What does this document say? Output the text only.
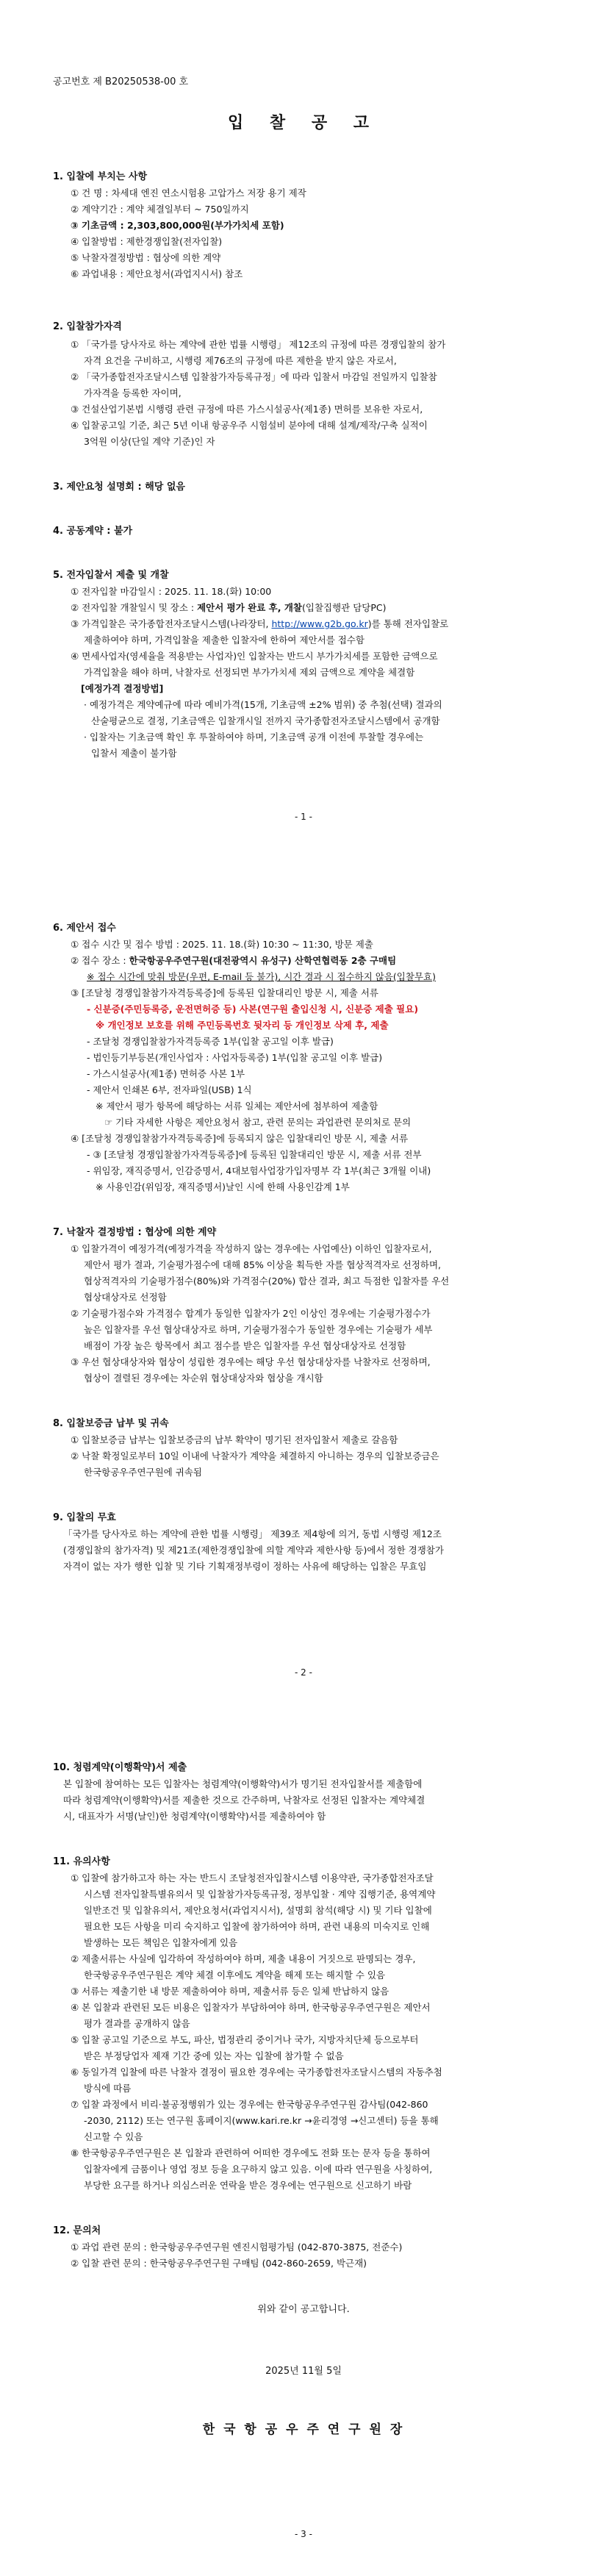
공고번호 제 B20250538-00 호
입 찰 공 고
1. 입찰에 부치는 사항
① 건 명 : 차세대 엔진 연소시험용 고압가스 저장 용기 제작
② 계약기간 : 계약 체결일부터 ~ 750일까지
③ 기초금액 : 2,303,800,000원(부가가치세 포함)
④ 입찰방법 : 제한경쟁입찰(전자입찰)
⑤ 낙찰자결정방법 : 협상에 의한 계약
⑥ 과업내용 : 제안요청서(과업지시서) 참조
2. 입찰참가자격
① 「국가를 당사자로 하는 계약에 관한 법률 시행령」 제12조의 규정에 따른 경쟁입찰의 참가
자격 요건을 구비하고, 시행령 제76조의 규정에 따른 제한을 받지 않은 자로서,
② 「국가종합전자조달시스템 입찰참가자등록규정」에 따라 입찰서 마감일 전일까지 입찰참
가자격을 등록한 자이며,
③ 건설산업기본법 시행령 관련 규정에 따른 가스시설공사(제1종) 면허를 보유한 자로서,
④ 입찰공고일 기준, 최근 5년 이내 항공우주 시험설비 분야에 대해 설계/제작/구축 실적이
3억원 이상(단일 계약 기준)인 자
3. 제안요청 설명회 : 해당 없음
4. 공동계약 : 불가
5. 전자입찰서 제출 및 개찰
① 전자입찰 마감일시 : 2025. 11. 18.(화) 10:00
② 전자입찰 개찰일시 및 장소 : 제안서 평가 완료 후, 개찰(입찰집행관 담당PC)
③ 가격입찰은 국가종합전자조달시스템(나라장터, http://www.g2b.go.kr)를 통해 전자입찰로
제출하여야 하며, 가격입찰을 제출한 입찰자에 한하여 제안서를 접수함
④ 면세사업자(영세율을 적용받는 사업자)인 입찰자는 반드시 부가가치세를 포함한 금액으로
가격입찰을 해야 하며, 낙찰자로 선정되면 부가가치세 제외 금액으로 계약을 체결함
[예정가격 결정방법]
· 예정가격은 계약예규에 따라 예비가격(15개, 기초금액 ±2% 범위) 중 추첨(선택) 결과의
산술평균으로 결정, 기초금액은 입찰개시일 전까지 국가종합전자조달시스템에서 공개함
· 입찰자는 기초금액 확인 후 투찰하여야 하며, 기초금액 공개 이전에 투찰할 경우에는
입찰서 제출이 불가함
- 1 -
6. 제안서 접수
① 접수 시간 및 접수 방법 : 2025. 11. 18.(화) 10:30 ~ 11:30, 방문 제출
② 접수 장소 : 한국항공우주연구원(대전광역시 유성구) 산학연협력동 2층 구매팀
※ 접수 시간에 맞춰 방문(우편, E-mail 등 불가), 시간 경과 시 접수하지 않음(입찰무효)
③ [조달청 경쟁입찰참가자격등록증]에 등록된 입찰대리인 방문 시, 제출 서류
- 신분증(주민등록증, 운전면허증 등) 사본(연구원 출입신청 시, 신분증 제출 필요)
※ 개인정보 보호를 위해 주민등록번호 뒷자리 등 개인정보 삭제 후, 제출
- 조달청 경쟁입찰참가자격등록증 1부(입찰 공고일 이후 발급)
- 법인등기부등본(개인사업자 : 사업자등록증) 1부(입찰 공고일 이후 발급)
- 가스시설공사(제1종) 면허증 사본 1부
- 제안서 인쇄본 6부, 전자파일(USB) 1식
※ 제안서 평가 항목에 해당하는 서류 일체는 제안서에 첨부하여 제출함
☞ 기타 자세한 사항은 제안요청서 참고, 관련 문의는 과업관련 문의처로 문의
④ [조달청 경쟁입찰참가자격등록증]에 등록되지 않은 입찰대리인 방문 시, 제출 서류
- ③ [조달청 경쟁입찰참가자격등록증]에 등록된 입찰대리인 방문 시, 제출 서류 전부
- 위임장, 재직증명서, 인감증명서, 4대보험사업장가입자명부 각 1부(최근 3개월 이내)
※ 사용인감(위임장, 재직증명서)날인 시에 한해 사용인감계 1부
7. 낙찰자 결정방법 : 협상에 의한 계약
① 입찰가격이 예정가격(예정가격을 작성하지 않는 경우에는 사업예산) 이하인 입찰자로서,
제안서 평가 결과, 기술평가점수에 대해 85% 이상을 획득한 자를 협상적격자로 선정하며,
협상적격자의 기술평가점수(80%)와 가격점수(20%) 합산 결과, 최고 득점한 입찰자를 우선
협상대상자로 선정함
② 기술평가점수와 가격점수 합계가 동일한 입찰자가 2인 이상인 경우에는 기술평가점수가
높은 입찰자를 우선 협상대상자로 하며, 기술평가점수가 동일한 경우에는 기술평가 세부
배점이 가장 높은 항목에서 최고 점수를 받은 입찰자를 우선 협상대상자로 선정함
③ 우선 협상대상자와 협상이 성립한 경우에는 해당 우선 협상대상자를 낙찰자로 선정하며,
협상이 결렬된 경우에는 차순위 협상대상자와 협상을 개시함
8. 입찰보증금 납부 및 귀속
① 입찰보증금 납부는 입찰보증금의 납부 확약이 명기된 전자입찰서 제출로 갈음함
② 낙찰 확정일로부터 10일 이내에 낙찰자가 계약을 체결하지 아니하는 경우의 입찰보증금은
한국항공우주연구원에 귀속됨
9. 입찰의 무효
「국가를 당사자로 하는 계약에 관한 법률 시행령」 제39조 제4항에 의거, 동법 시행령 제12조
(경쟁입찰의 참가자격) 및 제21조(제한경쟁입찰에 의할 계약과 제한사항 등)에서 정한 경쟁참가
자격이 없는 자가 행한 입찰 및 기타 기획재정부령이 정하는 사유에 해당하는 입찰은 무효임
- 2 -
10. 청렴계약(이행확약)서 제출
본 입찰에 참여하는 모든 입찰자는 청렴계약(이행확약)서가 명기된 전자입찰서를 제출함에
따라 청렴계약(이행확약)서를 제출한 것으로 간주하며, 낙찰자로 선정된 입찰자는 계약체결
시, 대표자가 서명(날인)한 청렴계약(이행확약)서를 제출하여야 함
11. 유의사항
① 입찰에 참가하고자 하는 자는 반드시 조달청전자입찰시스템 이용약관, 국가종합전자조달
시스템 전자입찰특별유의서 및 입찰참가자등록규정, 정부입찰 · 계약 집행기준, 용역계약
일반조건 및 입찰유의서, 제안요청서(과업지시서), 설명회 참석(해당 시) 및 기타 입찰에
필요한 모든 사항을 미리 숙지하고 입찰에 참가하여야 하며, 관련 내용의 미숙지로 인해
발생하는 모든 책임은 입찰자에게 있음
② 제출서류는 사실에 입각하여 작성하여야 하며, 제출 내용이 거짓으로 판명되는 경우,
한국항공우주연구원은 계약 체결 이후에도 계약을 해제 또는 해지할 수 있음
③ 서류는 제출기한 내 방문 제출하여야 하며, 제출서류 등은 일체 반납하지 않음
④ 본 입찰과 관련된 모든 비용은 입찰자가 부담하여야 하며, 한국항공우주연구원은 제안서
평가 결과를 공개하지 않음
⑤ 입찰 공고일 기준으로 부도, 파산, 법정관리 중이거나 국가, 지방자치단체 등으로부터
받은 부정당업자 제재 기간 중에 있는 자는 입찰에 참가할 수 없음
⑥ 동일가격 입찰에 따른 낙찰자 결정이 필요한 경우에는 국가종합전자조달시스템의 자동추첨
방식에 따름
⑦ 입찰 과정에서 비리·불공정행위가 있는 경우에는 한국항공우주연구원 감사팀(042-860
-2030, 2112) 또는 연구원 홈페이지(www.kari.re.kr →윤리경영 →신고센터) 등을 통해
신고할 수 있음
⑧ 한국항공우주연구원은 본 입찰과 관련하여 어떠한 경우에도 전화 또는 문자 등을 통하여
입찰자에게 금품이나 영업 정보 등을 요구하지 않고 있음. 이에 따라 연구원을 사칭하여,
부당한 요구를 하거나 의심스러운 연락을 받은 경우에는 연구원으로 신고하기 바람
12. 문의처
① 과업 관련 문의 : 한국항공우주연구원 엔진시험평가팀 (042-870-3875, 전준수)
② 입찰 관련 문의 : 한국항공우주연구원 구매팀 (042-860-2659, 박근재)
위와 같이 공고합니다.
2025년 11월 5일
한 국 항 공 우 주 연 구 원 장
- 3 -
